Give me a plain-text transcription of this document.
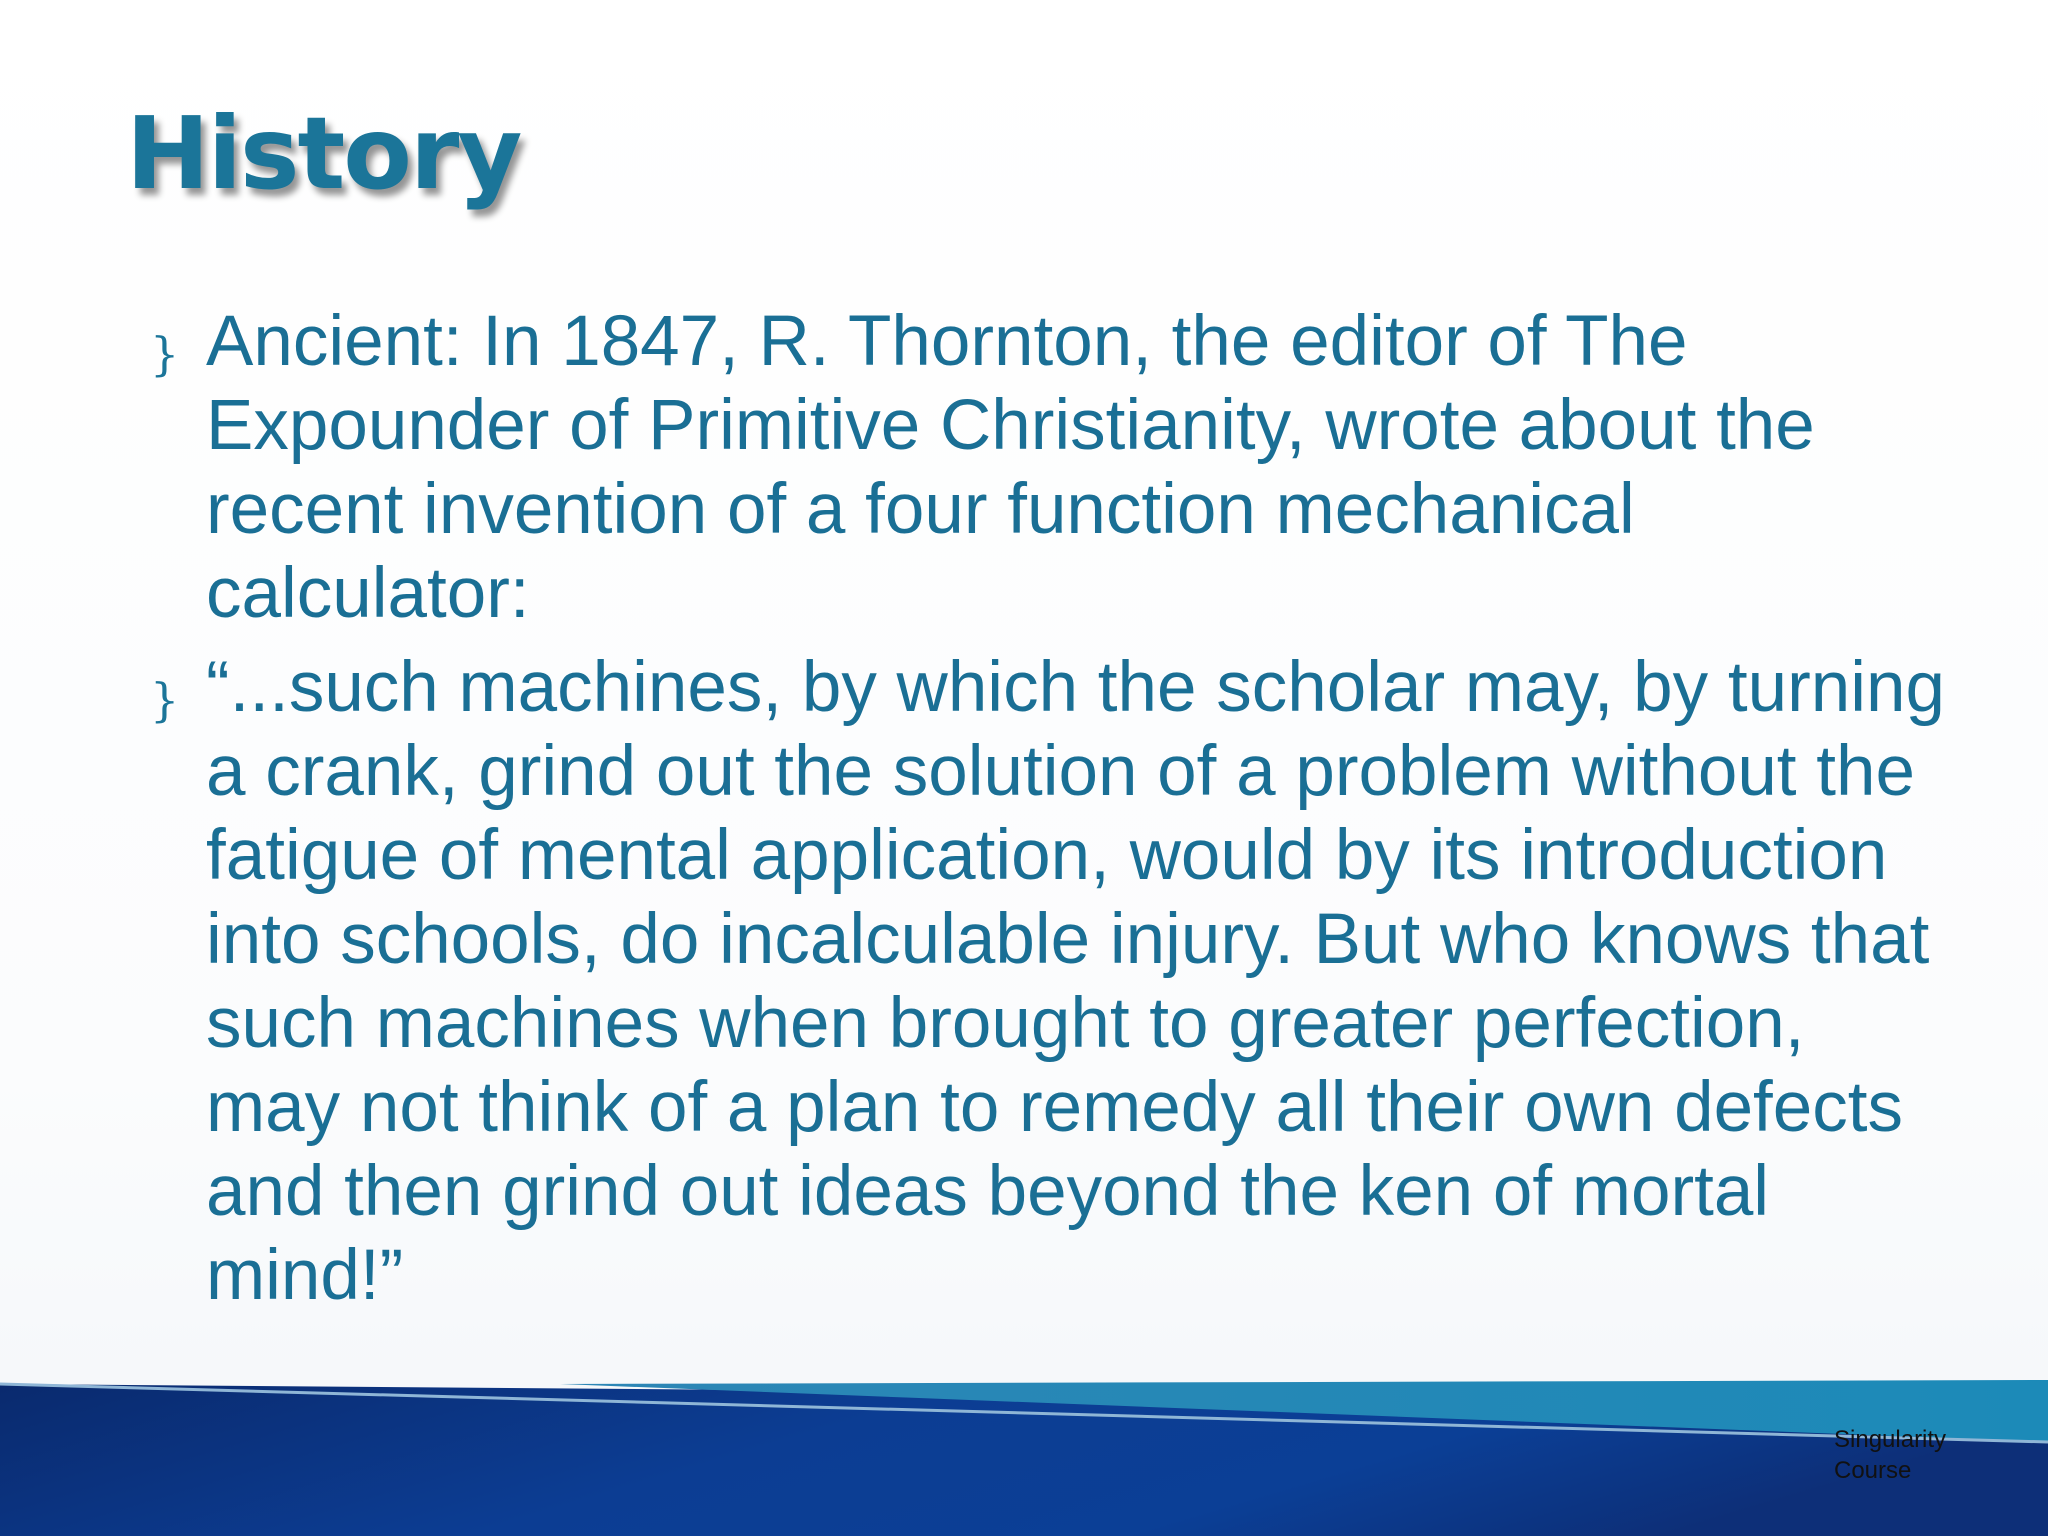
History
} Ancient: In 1847, R. Thornton, the editor of The Expounder of Primitive Christianity, wrote about the recent invention of a four function mechanical calculator:
} “...such machines, by which the scholar may, by turning a crank, grind out the solution of a problem without the fatigue of mental application, would by its introduction into schools, do incalculable injury. But who knows that such machines when brought to greater perfection, may not think of a plan to remedy all their own defects and then grind out ideas beyond the ken of mortal mind!”
Singularity
Course
